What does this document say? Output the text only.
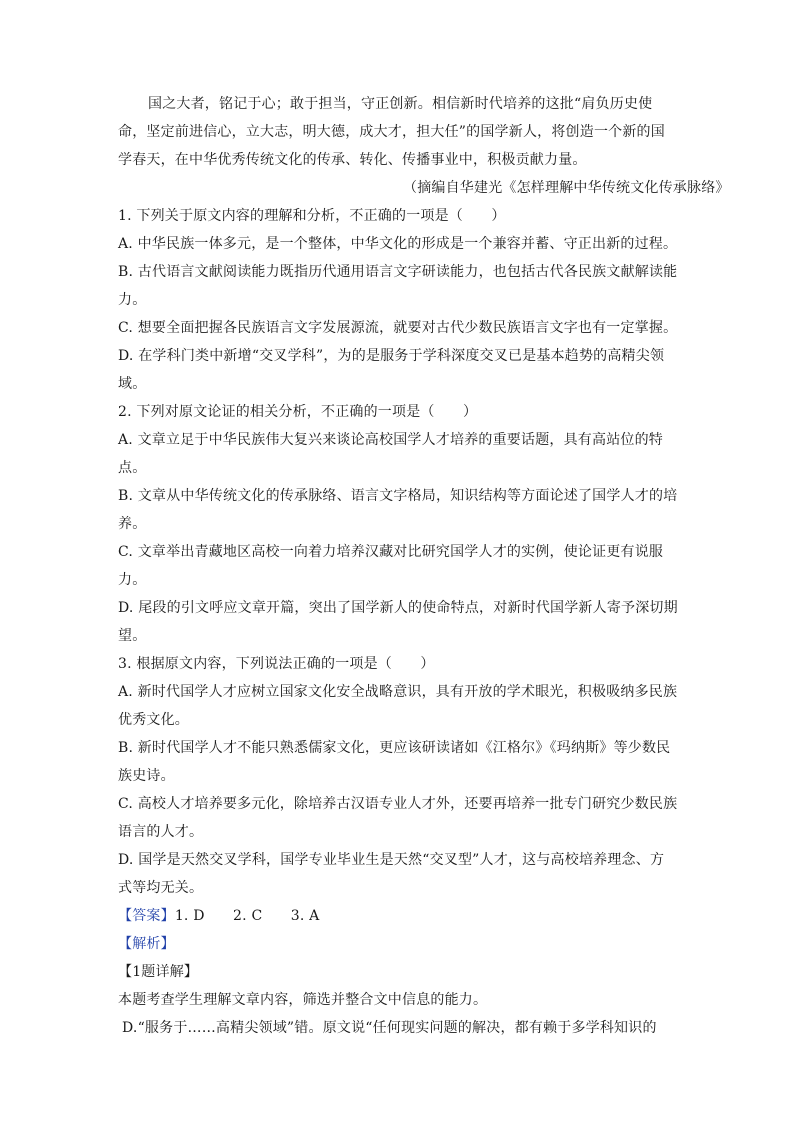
国之大者，铭记于心；敢于担当，守正创新。相信新时代培养的这批“肩负历史使
命，坚定前进信心，立大志，明大德，成大才，担大任”的国学新人，将创造一个新的国
学春天，在中华优秀传统文化的传承、转化、传播事业中，积极贡献力量。
（摘编自华建光《怎样理解中华传统文化传承脉络》
1. 下列关于原文内容的理解和分析，不正确的一项是（　　）
A. 中华民族一体多元，是一个整体，中华文化的形成是一个兼容并蓄、守正出新的过程。
B. 古代语言文献阅读能力既指历代通用语言文字研读能力，也包括古代各民族文献解读能
力。
C. 想要全面把握各民族语言文字发展源流，就要对古代少数民族语言文字也有一定掌握。
D. 在学科门类中新增“交叉学科”，为的是服务于学科深度交叉已是基本趋势的高精尖领
域。
2. 下列对原文论证的相关分析，不正确的一项是（　　）
A. 文章立足于中华民族伟大复兴来谈论高校国学人才培养的重要话题，具有高站位的特
点。
B. 文章从中华传统文化的传承脉络、语言文字格局，知识结构等方面论述了国学人才的培
养。
C. 文章举出青藏地区高校一向着力培养汉藏对比研究国学人才的实例，使论证更有说服
力。
D. 尾段的引文呼应文章开篇，突出了国学新人的使命特点，对新时代国学新人寄予深切期
望。
3. 根据原文内容，下列说法正确的一项是（　　）
A. 新时代国学人才应树立国家文化安全战略意识，具有开放的学术眼光，积极吸纳多民族
优秀文化。
B. 新时代国学人才不能只熟悉儒家文化，更应该研读诸如《江格尔》《玛纳斯》等少数民
族史诗。
C. 高校人才培养要多元化，除培养古汉语专业人才外，还要再培养一批专门研究少数民族
语言的人才。
D. 国学是天然交叉学科，国学专业毕业生是天然“交叉型”人才，这与高校培养理念、方
式等均无关。
【答案】1. D　　2. C　　3. A
【解析】
【1题详解】
本题考查学生理解文章内容，筛选并整合文中信息的能力。
D.“服务于……高精尖领域”错。原文说“任何现实问题的解决，都有赖于多学科知识的
